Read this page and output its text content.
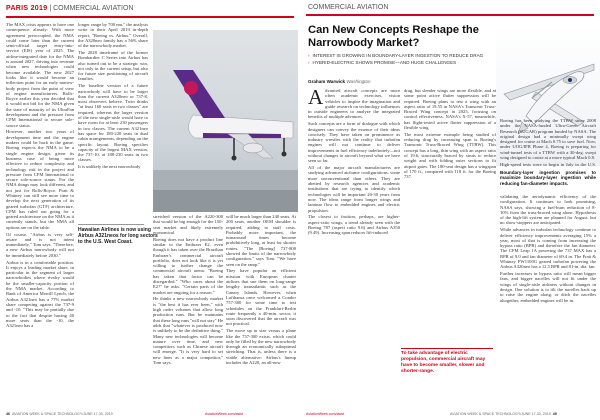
PARIS 2019 | COMMERCIAL AVIATION

The MAX crisis appears to have one consequence already: With more agreement preoccupied, the NMA could come later than the current semi-official target entry-into-service (EIS) year of 2025. The airline-integrated date for the NMA is around 2027, driving into revenue when new technologies could become available. The new 2027 looks like it would become an inflection point for an early narrow-body project from the point of view of engine manufacturers. Rolls-Royce earlier this year decided that it would not bid for the NMA given the state of maturity of its UltraFan development and the pressure from CFM International to secure sole-source status.

However, another two years of development time and the engine makers could be back in the game. Boeing expects the NMA to be a single engine design, given its business case of being more effective to reduce complexity and technology risk in the project and pressure from CFM International to secure sole-source status. For the NMA things may look different, and not just for Rolls-Royce. Pratt & Whitney can still see more time to develop the next generation of its geared turbofan (GTF) architecture. CFM has ruled out going for a geared architecture on the NMA as it currently stands, but the NMA all options are on the table.

Of course, "Airbus is very self-aware and is not intent immediately," Tom says. "Therefore, a new Airbus narrowbody will not be immediately before 2030."

Airbus is in a comfortable position. It enjoys a leading market share, in particular in the segment of larger narrowbodies where rivalry would be the smaller-capacity portion of the NMA market. According to Bank of America Merrill Lynch, the Airbus A321neo has a 77% market share competing against the 737-9 and -10. "This may be partially due to the fact that despite having 40 more seats than the -10, the A321neo has a

longer range by 700 nm," the analysts write in their April 2019 in-depth report, "Boeing vs. Airbus." Overall, the A320neo family has a 56% share of the narrowbody market.

The 2028 timeframe of the former Bombardier C Series into Airbus has also turned out to be a strategic win, not only in the current setup, but also for future size positioning of aircraft families.

The baseline version of a future narrowbody will have to be larger than the current A320neo or 737-8, most observers believe. Twin thinks "at least 160 seats in two classes" are required, whereas the larger version of the new single-aisle would have to have room for at least 230 passengers in two classes. The current A321neo has space for 180-220 seats in dual cabin arrangements, depending on the specific layout. Boeing specifies capacity of the largest MAX version, the 737-10, at 188-230 seats in two classes.

It is unlikely the next narrowbody

Hawaiian Airlines is now using Airbus A321neos for long sectors to the U.S. West Coast.

stretched version of the A220-300 that would be big enough for the 150-seat market and likely extremely economical.

Boeing does not have a product line similar to the Embraer E2, even though it has taken over the Brazilian Embraer's commercial aircraft portfolio, does not look like it is yet willing to further change the commercial aircraft arena. "Boeing has taken that factor can be disregarded." "Who cares about the E2?" he asks. "Certain parts of the market are ongoing for a reason."

He thinks a new narrowbody market is "the best it has ever been," with high order volumes that allow long production runs. But he maintains that these long runs "will not stay" He adds that "whatever is produced now is unlikely to be the definitive thing." Many new technologies will become mature over time, and new competitors such as Chinese aircraft will emerge. "It is very hard to set new lines as a major competitor," Tom says.

will be much larger than 240 seats. At 200 seats, another OEM shoulder is required, adding to staff costs. Probably more important, the turnaround times become prohibitively long, at least for shorter routes. "The [Boeing] 737-800 showed the limits of the narrowbody configuration," says Tom. "We have seen on the ramp."

They have popular an efficient mission with European charter airlines that use them on long-range lengthy transatlantic such as the Canary Islands. However, when Lufthansa once welcomed a Condor 757-300 for some time to test schedules on the Frankfurt-Berlin route frequently a 40-min. sector, it soon discovered that the aircraft was not practical.

The move up in size versus a plane like the 757-300 exists, which could only be filled by the new narrowbody through an economically suboptimal stretching. That is, unless there is a viable alternative: Airbus's lineup includes the A220, an all-new

46 AVIATION WEEK & SPACE TECHNOLOGY/JUNE 17-30, 2019	AviationWeek.com/awst
COMMERCIAL AVIATION
Can New Concepts Reshape the Narrowbody Market?
› INTEREST IS GROWING IN BOUNDARY-LAYER INGESTION TO REDUCE DRAG
› HYBRID-ELECTRIC SHOWS PROMISE—AND HUGE CHALLENGES
Graham Warwick Washington

Advanced aircraft concepts are more often academic exercises, vision vehicles to inspire the imagination and guide research on technology influences in outside engineers to analyze the integrated benefits of multiple advances.

Such concepts are a form of dialogue with which designers can convey the essence of their ideas concisely. They have taken on prominence as industry wrestles with the reality that turbofan engines will not continue to deliver improvements in fuel efficiency indefinitely—not without changes to aircraft beyond what we have seen so far.

All of the major aircraft manufacturers are studying advanced airframe configurations, some more unconventional than others. They are abetted by research agencies and academic institutions that are trying to identify which technologies will be important 20-30 years from now. The ideas range from longer wings and laminar flow to embedded engines and electric propulsion.

The closest to fruition, perhaps, are higher-aspect-ratio wings, a trend already seen with the Boeing 787 (aspect ratio 9.6) and Airbus A350 (9.49). Increasing span reduces lift-induced

drag, but slender wings are more flexible, and at some point active flutter suppression will be required. Boeing plans to test a wing with an aspect ratio of 19.55 in NASA's Transonic Truss-Braced Wing concept in 2025, focusing on control effectiveness. NASA's X-57, meanwhile, has flight-tested active flutter suppression of a flexible wing.

The most extreme example being studied of reducing drag by increasing span is Boeing's Transonic Truss-Braced Wing (TTBW). This concept has a long, thin wing with an aspect ratio of 19.6, structurally braced by struts to reduce weight and with folding outer sections to fit airport gates. The 180-seat design has a wingspan of 170 ft., compared with 118 ft. for the Boeing 737.

Boundary-layer ingestion promises to maximize boundary-layer ingestion while reducing fan-diameter impacts.

Boeing has been studying the TTBW since 2008 under the NASA-funded Ultra-Green Aircraft Research (SUGAR) program funded by NASA. The original design had a minimally swept wing designed for cruise at Mach 0.75 to save fuel. Now, under UOG/IFR Phase 4, Boeing is preparing for wind-tunnel tests of a TTBW with a 30-deg. swept wing designed to cruise at a more typical Mach 0.8.

High-speed tests were to begin in July in the U.S.

validating the aerodynamic efficiency of the configuration. It continues to look promising, NASA says, showing a fuel-burn reduction of 8-10% from the truss-braced wing alone. Hypothesis of the high-lift system are planned for August, but no show-stoppers are anticipated.

While advances in turbofan technology continue to deliver efficiency improvements averaging 15% a year, most of that is coming from increasing the bypass ratio (BPR) and therefore the fan diameter. The CFM Leap 1A powering the 737 MAX has a BPR of 9.0 and fan diameter of 69.4 in. The Pratt & Whitney PW1100G geared turbofan powering the Airbus A320neo has a 12.5 BPR and 81-in. dia. fan.

Further increases in bypass ratio will mean bigger fans, and bigger nacelles will not fit under the wings of single-aisle airliners without changes in design. One solution is to tilt the nacelles back up to raise the engine along, or ditch the nacelles altogether, embedded engines will be in.

To take advantage of electric propulsion, commercial aircraft may have to become smaller, slower and shorter-range.
AviationWeek.com/awst	AVIATION WEEK & SPACE TECHNOLOGY/JUNE 17-30, 2019 49
